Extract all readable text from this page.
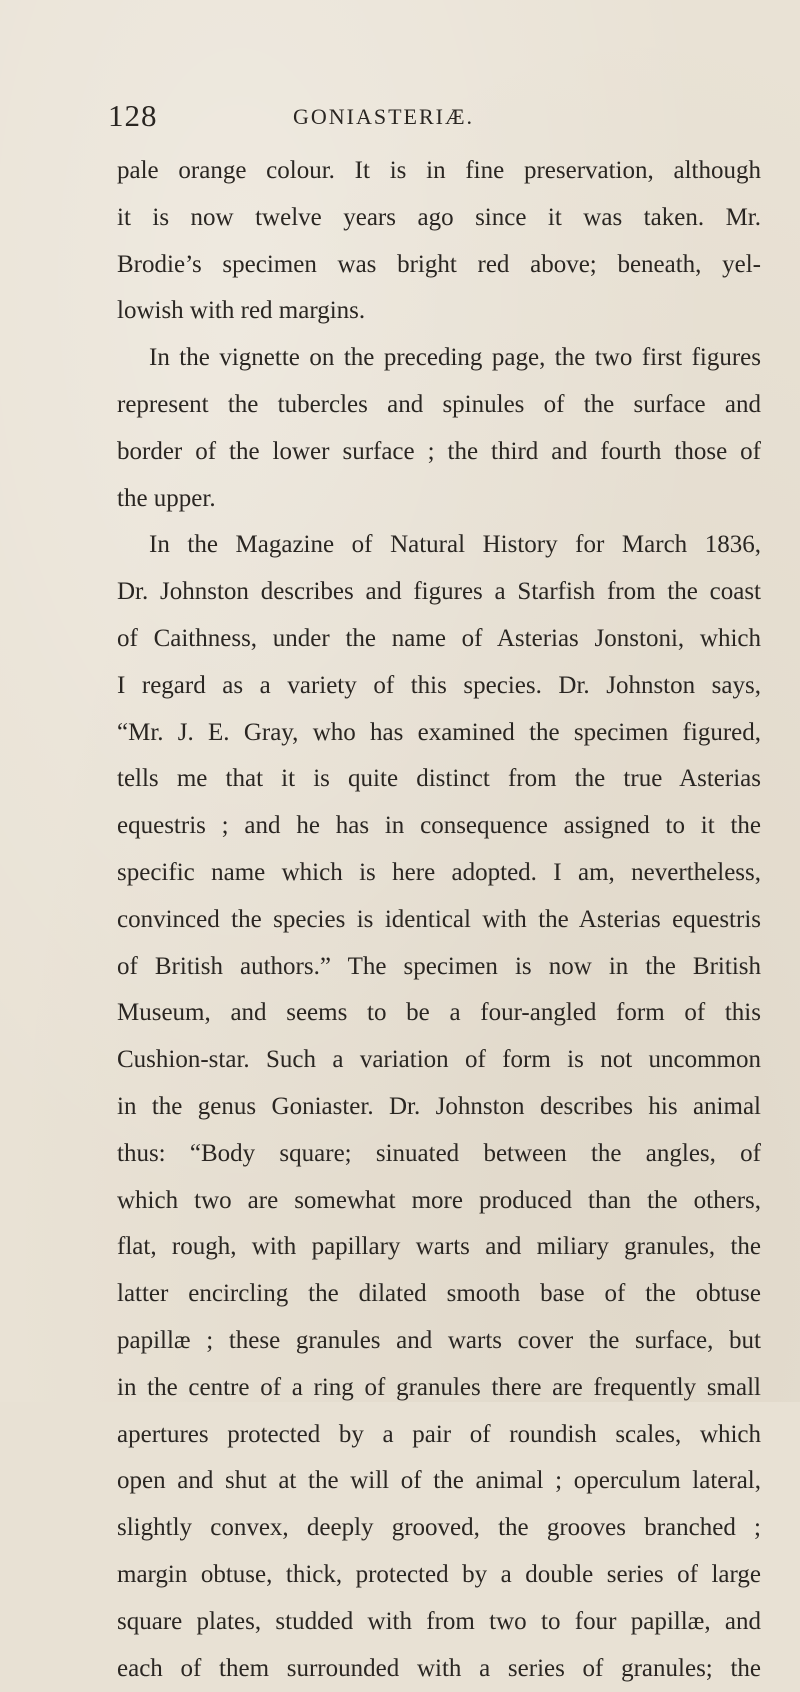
128	GONIASTERIÆ.
pale orange colour. It is in fine preservation, although
it is now twelve years ago since it was taken. Mr.
Brodie’s specimen was bright red above; beneath, yel-
lowish with red margins.
In the vignette on the preceding page, the two first figures
represent the tubercles and spinules of the surface and
border of the lower surface ; the third and fourth those of
the upper.
In the Magazine of Natural History for March 1836,
Dr. Johnston describes and figures a Starfish from the coast
of Caithness, under the name of Asterias Jonstoni, which
I regard as a variety of this species. Dr. Johnston says,
“Mr. J. E. Gray, who has examined the specimen figured,
tells me that it is quite distinct from the true Asterias
equestris ; and he has in consequence assigned to it the
specific name which is here adopted. I am, nevertheless,
convinced the species is identical with the Asterias equestris
of British authors.” The specimen is now in the British
Museum, and seems to be a four-angled form of this
Cushion-star. Such a variation of form is not uncommon
in the genus Goniaster. Dr. Johnston describes his animal
thus: “Body square; sinuated between the angles, of
which two are somewhat more produced than the others,
flat, rough, with papillary warts and miliary granules, the
latter encircling the dilated smooth base of the obtuse
papillæ ; these granules and warts cover the surface, but
in the centre of a ring of granules there are frequently small
apertures protected by a pair of roundish scales, which
open and shut at the will of the animal ; operculum lateral,
slightly convex, deeply grooved, the grooves branched ;
margin obtuse, thick, protected by a double series of large
square plates, studded with from two to four papillæ, and
each of them surrounded with a series of granules; the
